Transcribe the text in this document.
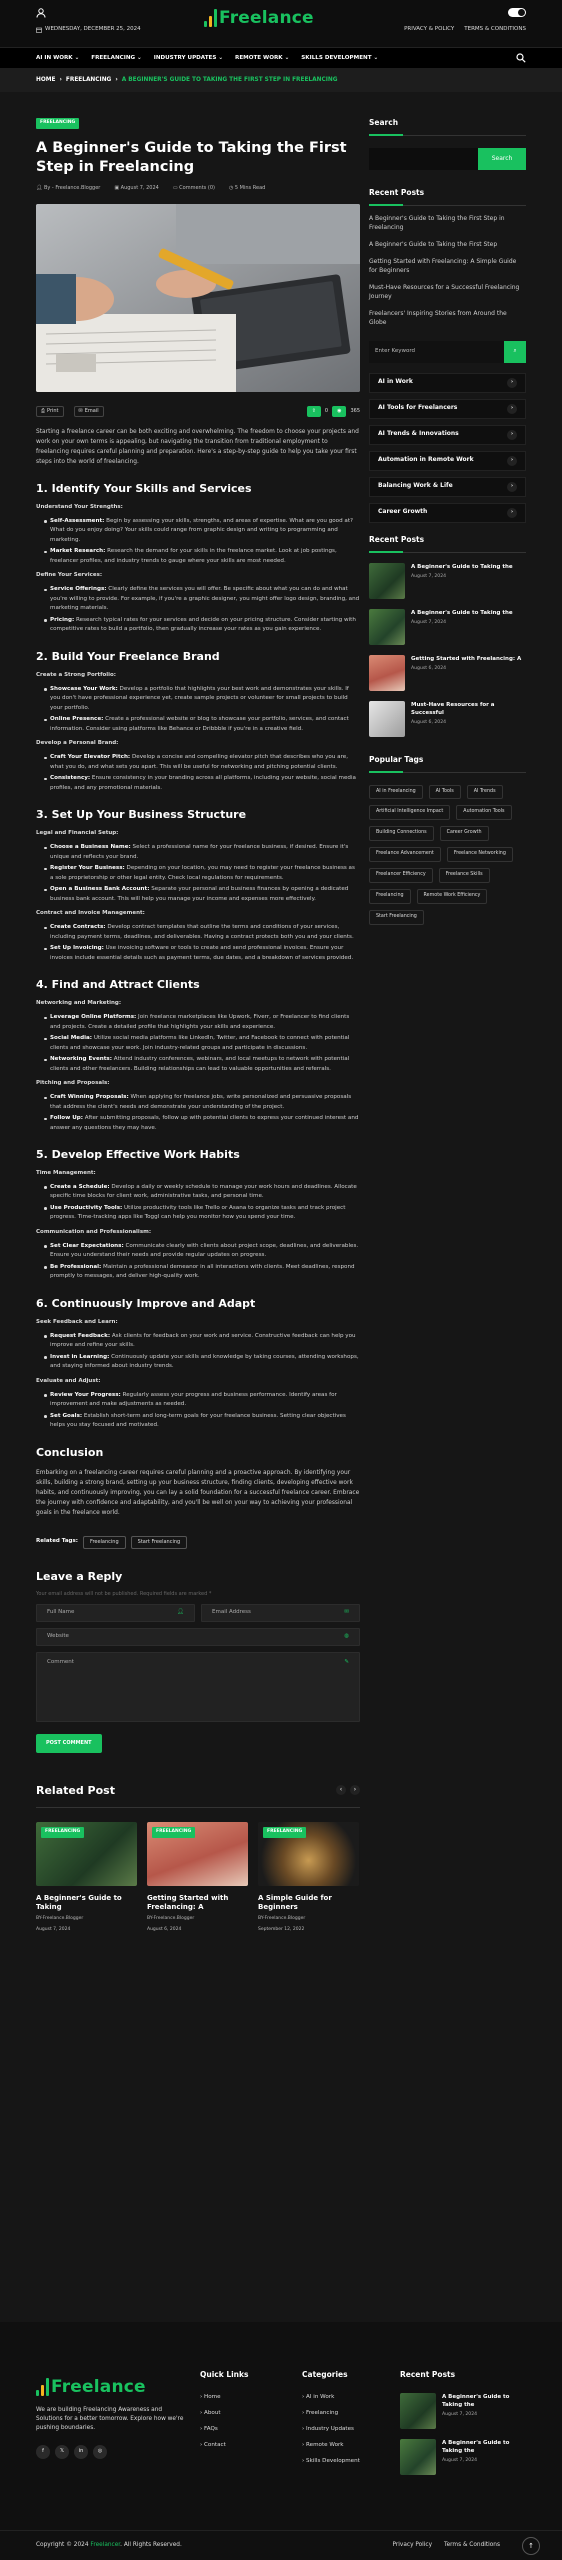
WEDNESDAY, DECEMBER 25, 2024
Freelance
PRIVACY & POLICY TERMS & CONDITIONS
AI IN WORK ⌄ FREELANCING ⌄ INDUSTRY UPDATES ⌄ REMOTE WORK ⌄ SKILLS DEVELOPMENT ⌄
HOME › FREELANCING › A BEGINNER'S GUIDE TO TAKING THE FIRST STEP IN FREELANCING
FREELANCING
A Beginner's Guide to Taking the First Step in Freelancing
👤︎ By - Freelance.Blogger	▣ August 7, 2024	▭ Comments (0)	◷ 5 Mins Read
⎙ Print	✉ Email	⇪ 0 ◉ 365

Starting a freelance career can be both exciting and overwhelming. The freedom to choose your projects and work on your own terms is appealing, but navigating the transition from traditional employment to freelancing requires careful planning and preparation. Here's a step-by-step guide to help you take your first steps into the world of freelancing.

1. Identify Your Skills and Services
Understand Your Strengths:
Self-Assessment: Begin by assessing your skills, strengths, and areas of expertise. What are you good at? What do you enjoy doing? Your skills could range from graphic design and writing to programming and marketing.
Market Research: Research the demand for your skills in the freelance market. Look at job postings, freelancer profiles, and industry trends to gauge where your skills are most needed.
Define Your Services:
Service Offerings: Clearly define the services you will offer. Be specific about what you can do and what you're willing to provide. For example, if you're a graphic designer, you might offer logo design, branding, and marketing materials.
Pricing: Research typical rates for your services and decide on your pricing structure. Consider starting with competitive rates to build a portfolio, then gradually increase your rates as you gain experience.
2. Build Your Freelance Brand
Create a Strong Portfolio:
Showcase Your Work: Develop a portfolio that highlights your best work and demonstrates your skills. If you don't have professional experience yet, create sample projects or volunteer for small projects to build your portfolio.
Online Presence: Create a professional website or blog to showcase your portfolio, services, and contact information. Consider using platforms like Behance or Dribbble if you're in a creative field.
Develop a Personal Brand:
Craft Your Elevator Pitch: Develop a concise and compelling elevator pitch that describes who you are, what you do, and what sets you apart. This will be useful for networking and pitching potential clients.
Consistency: Ensure consistency in your branding across all platforms, including your website, social media profiles, and any promotional materials.
3. Set Up Your Business Structure
Legal and Financial Setup:
Choose a Business Name: Select a professional name for your freelance business, if desired. Ensure it's unique and reflects your brand.
Register Your Business: Depending on your location, you may need to register your freelance business as a sole proprietorship or other legal entity. Check local regulations for requirements.
Open a Business Bank Account: Separate your personal and business finances by opening a dedicated business bank account. This will help you manage your income and expenses more effectively.
Contract and Invoice Management:
Create Contracts: Develop contract templates that outline the terms and conditions of your services, including payment terms, deadlines, and deliverables. Having a contract protects both you and your clients.
Set Up Invoicing: Use invoicing software or tools to create and send professional invoices. Ensure your invoices include essential details such as payment terms, due dates, and a breakdown of services provided.
4. Find and Attract Clients
Networking and Marketing:
Leverage Online Platforms: Join freelance marketplaces like Upwork, Fiverr, or Freelancer to find clients and projects. Create a detailed profile that highlights your skills and experience.
Social Media: Utilize social media platforms like LinkedIn, Twitter, and Facebook to connect with potential clients and showcase your work. Join industry-related groups and participate in discussions.
Networking Events: Attend industry conferences, webinars, and local meetups to network with potential clients and other freelancers. Building relationships can lead to valuable opportunities and referrals.
Pitching and Proposals:
Craft Winning Proposals: When applying for freelance jobs, write personalized and persuasive proposals that address the client's needs and demonstrate your understanding of the project.
Follow Up: After submitting proposals, follow up with potential clients to express your continued interest and answer any questions they may have.
5. Develop Effective Work Habits
Time Management:
Create a Schedule: Develop a daily or weekly schedule to manage your work hours and deadlines. Allocate specific time blocks for client work, administrative tasks, and personal time.
Use Productivity Tools: Utilize productivity tools like Trello or Asana to organize tasks and track project progress. Time-tracking apps like Toggl can help you monitor how you spend your time.
Communication and Professionalism:
Set Clear Expectations: Communicate clearly with clients about project scope, deadlines, and deliverables. Ensure you understand their needs and provide regular updates on progress.
Be Professional: Maintain a professional demeanor in all interactions with clients. Meet deadlines, respond promptly to messages, and deliver high-quality work.
6. Continuously Improve and Adapt
Seek Feedback and Learn:
Request Feedback: Ask clients for feedback on your work and service. Constructive feedback can help you improve and refine your skills.
Invest in Learning: Continuously update your skills and knowledge by taking courses, attending workshops, and staying informed about industry trends.
Evaluate and Adjust:
Review Your Progress: Regularly assess your progress and business performance. Identify areas for improvement and make adjustments as needed.
Set Goals: Establish short-term and long-term goals for your freelance business. Setting clear objectives helps you stay focused and motivated.
Conclusion

Embarking on a freelancing career requires careful planning and a proactive approach. By identifying your skills, building a strong brand, setting up your business structure, finding clients, developing effective work habits, and continuously improving, you can lay a solid foundation for a successful freelance career. Embrace the journey with confidence and adaptability, and you'll be well on your way to achieving your professional goals in the freelance world.

Related Tags:	Freelancing	Start Freelancing
Leave a Reply
Your email address will not be published. Required fields are marked *
Full Name	👤︎	Email Address	✉
Website	◍
Comment	✎
POST COMMENT
Related Post	‹	›
FREELANCING
A Beginner's Guide to Taking
BY-Freelance.Blogger
August 7, 2024
FREELANCING
Getting Started with Freelancing: A
BY-Freelance.Blogger
August 6, 2024
FREELANCING
A Simple Guide for Beginners
BY-Freelance.Blogger
September 12, 2022
Search
Search
Recent Posts
A Beginner's Guide to Taking the First Step in Freelancing
A Beginner's Guide to Taking the First Step
Getting Started with Freelancing: A Simple Guide for Beginners
Must-Have Resources for a Successful Freelancing Journey
Freelancers' Inspiring Stories from Around the Globe
Enter Keyword	⌕
AI in Work	›
AI Tools for Freelancers	›
AI Trends & Innovations	›
Automation in Remote Work	›
Balancing Work & Life	›
Career Growth	›
Recent Posts
A Beginner's Guide to Taking the
August 7, 2024
A Beginner's Guide to Taking the
August 7, 2024
Getting Started with Freelancing: A
August 6, 2024
Must-Have Resources for a Successful
August 6, 2024
Popular Tags
AI in Freelancing	AI Tools	AI Trends
Artificial Intelligence Impact	Automation Tools
Building Connections	Career Growth
Freelance Advancement	Freelance Networking
Freelancer Efficiency	Freelance Skills
Freelancing	Remote Work Efficiency
Start Freelancing
Freelance

We are building Freelancing Awareness and Solutions for a better tomorrow. Explore how we're pushing boundaries.

f	𝕏	in	◎
Quick Links
› Home
› About
› FAQs
› Contact
Categories
› AI in Work
› Freelancing
› Industry Updates
› Remote Work
› Skills Development
Recent Posts
A Beginner's Guide to Taking the
August 7, 2024
A Beginner's Guide to Taking the
August 7, 2024
Copyright © 2024 Freelancer. All Rights Reserved.	Privacy Policy Terms & Conditions	↑
